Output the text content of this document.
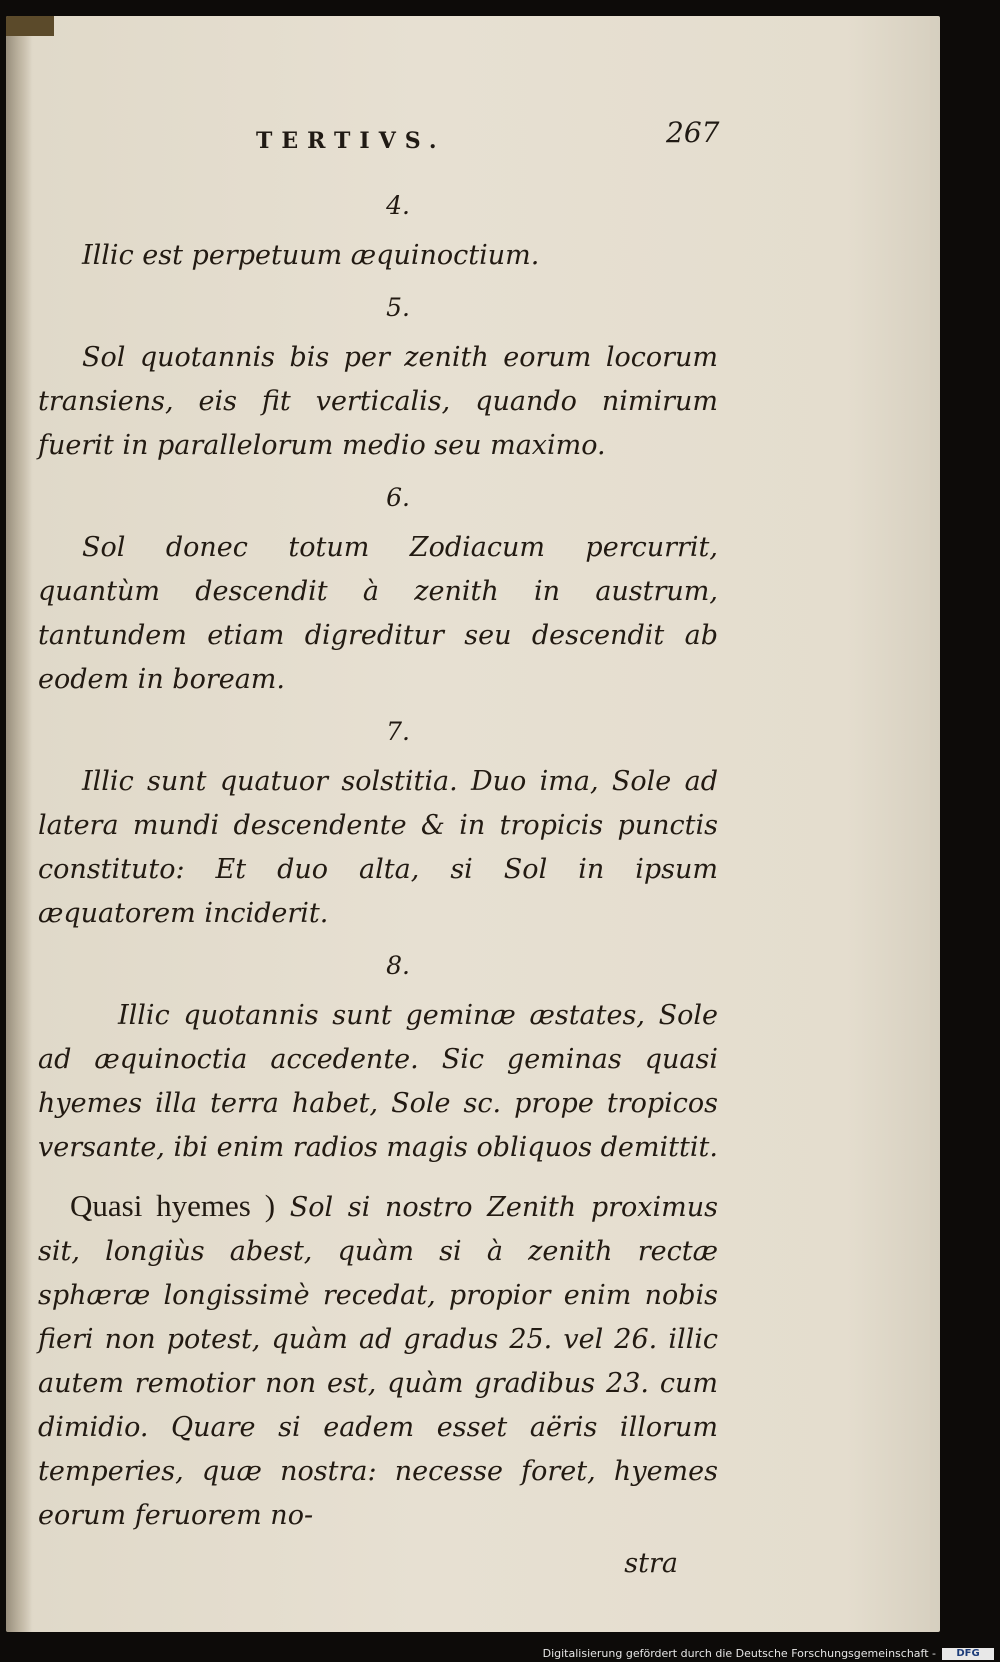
TERTIVS.	267
4.

Illic est perpetuum æquinoctium.

5.

Sol quotannis bis per zenith eorum locorum transiens, eis fit verticalis, quando nimirum fuerit in parallelorum medio seu maximo.

6.

Sol donec totum Zodiacum percurrit, quantùm descendit à zenith in austrum, tantundem etiam digreditur seu descendit ab eodem in boream.

7.

Illic sunt quatuor solstitia. Duo ima, Sole ad latera mundi descendente & in tropicis punctis constituto: Et duo alta, si Sol in ipsum æquatorem inciderit.

8.

Illic quotannis sunt geminæ æstates, Sole ad æquinoctia accedente. Sic geminas quasi hyemes illa terra habet, Sole sc. prope tropicos versante, ibi enim radios magis obliquos demittit.

Quasi hyemes ) Sol si nostro Zenith proximus sit, longiùs abest, quàm si à zenith rectæ sphæræ longissimè recedat, propior enim nobis fieri non potest, quàm ad gradus 25. vel 26. illic autem remotior non est, quàm gradibus 23. cum dimidio. Quare si eadem esset aëris illorum temperies, quæ nostra: necesse foret, hyemes eorum feruorem no-

stra
Digitalisierung gefördert durch die Deutsche Forschungsgemeinschaft -	DFG
